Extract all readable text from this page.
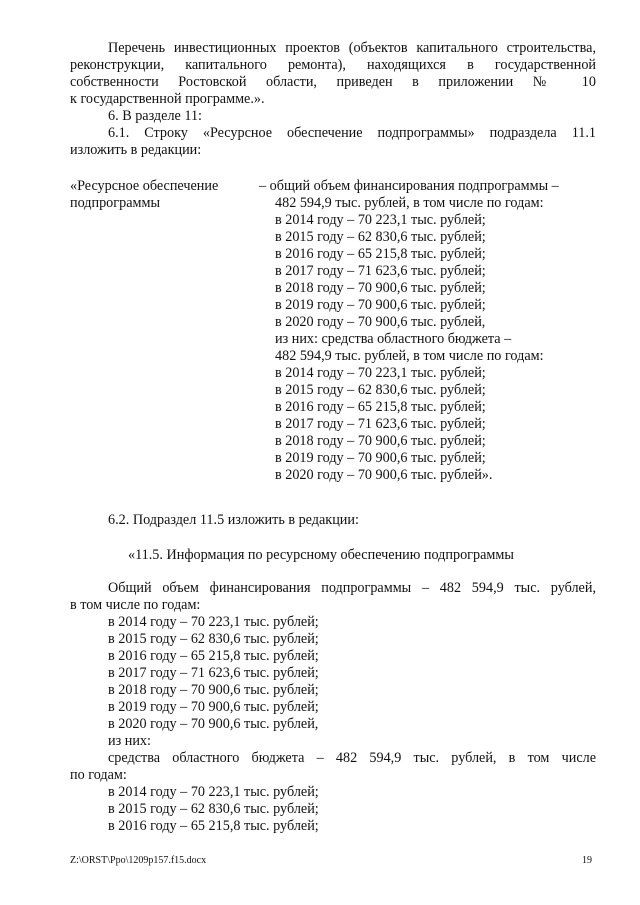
Перечень инвестиционных проектов (объектов капитального строительства,
реконструкции, капитального ремонта), находящихся в государственной
собственности Ростовской области, приведен в приложении № 10
к государственной программе.».
6. В разделе 11:
6.1. Строку «Ресурсное обеспечение подпрограммы» подраздела 11.1
изложить в редакции:
«Ресурсное обеспечение
подпрограммы
– общий объем финансирования подпрограммы –
482 594,9 тыс. рублей, в том числе по годам:
в 2014 году – 70 223,1 тыс. рублей;
в 2015 году – 62 830,6 тыс. рублей;
в 2016 году – 65 215,8 тыс. рублей;
в 2017 году – 71 623,6 тыс. рублей;
в 2018 году – 70 900,6 тыс. рублей;
в 2019 году – 70 900,6 тыс. рублей;
в 2020 году – 70 900,6 тыс. рублей,
из них: средства областного бюджета –
482 594,9 тыс. рублей, в том числе по годам:
в 2014 году – 70 223,1 тыс. рублей;
в 2015 году – 62 830,6 тыс. рублей;
в 2016 году – 65 215,8 тыс. рублей;
в 2017 году – 71 623,6 тыс. рублей;
в 2018 году – 70 900,6 тыс. рублей;
в 2019 году – 70 900,6 тыс. рублей;
в 2020 году – 70 900,6 тыс. рублей».
6.2. Подраздел 11.5 изложить в редакции:
«11.5. Информация по ресурсному обеспечению подпрограммы
Общий объем финансирования подпрограммы – 482 594,9 тыс. рублей,
в том числе по годам:
в 2014 году – 70 223,1 тыс. рублей;
в 2015 году – 62 830,6 тыс. рублей;
в 2016 году – 65 215,8 тыс. рублей;
в 2017 году – 71 623,6 тыс. рублей;
в 2018 году – 70 900,6 тыс. рублей;
в 2019 году – 70 900,6 тыс. рублей;
в 2020 году – 70 900,6 тыс. рублей,
из них:
средства областного бюджета – 482 594,9 тыс. рублей, в том числе
по годам:
в 2014 году – 70 223,1 тыс. рублей;
в 2015 году – 62 830,6 тыс. рублей;
в 2016 году – 65 215,8 тыс. рублей;
Z:\ORST\Ppo\1209p157.f15.docx	19
